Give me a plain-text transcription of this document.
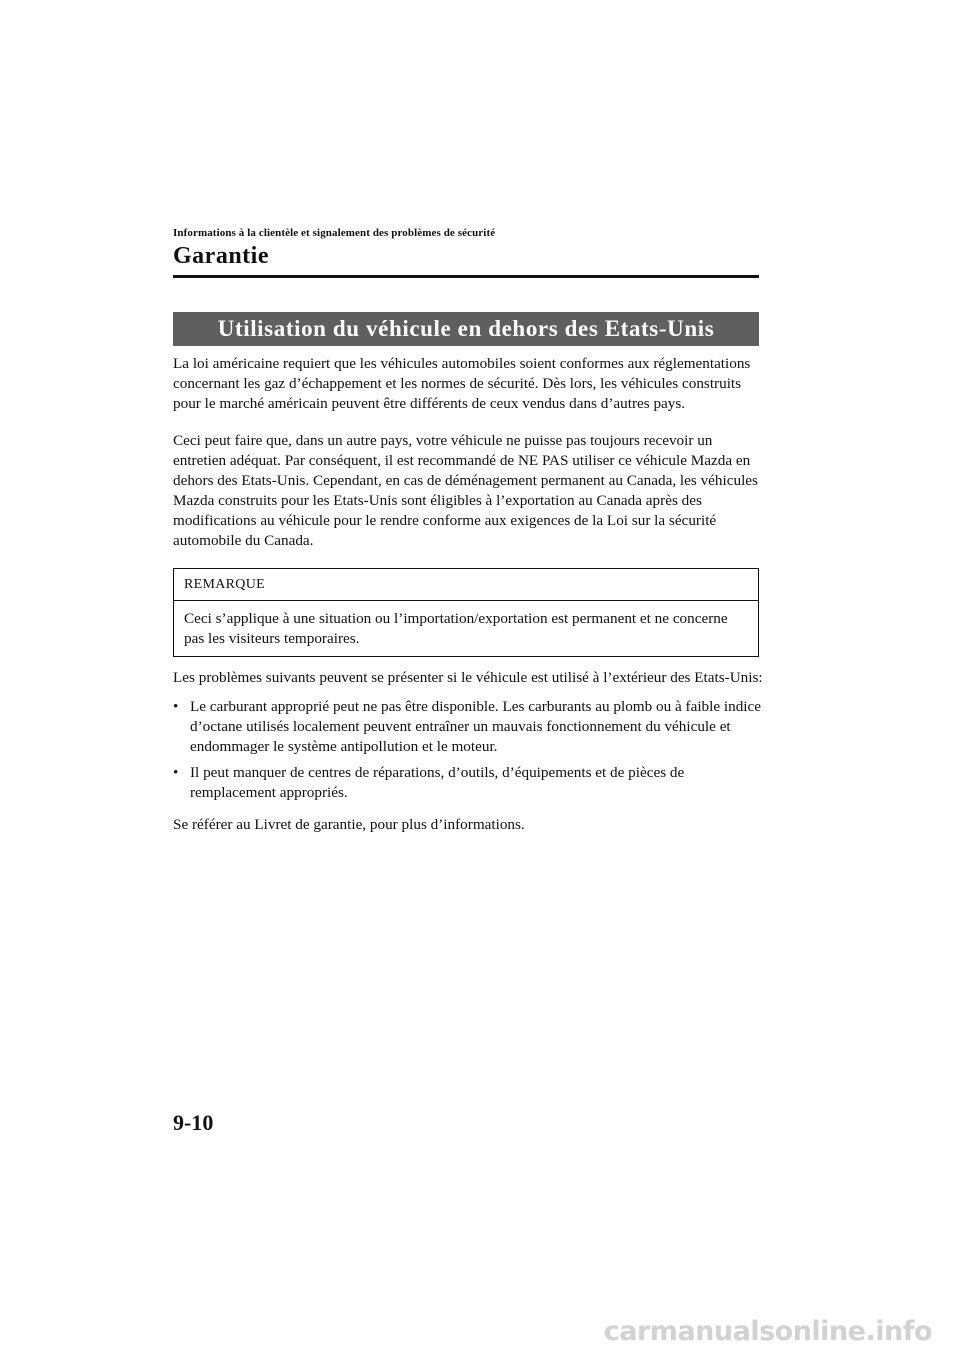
Informations à la clientèle et signalement des problèmes de sécurité
Garantie
Utilisation du véhicule en dehors des Etats-Unis

La loi américaine requiert que les véhicules automobiles soient conformes aux réglementations concernant les gaz d’échappement et les normes de sécurité. Dès lors, les véhicules construits pour le marché américain peuvent être différents de ceux vendus dans d’autres pays.

Ceci peut faire que, dans un autre pays, votre véhicule ne puisse pas toujours recevoir un entretien adéquat. Par conséquent, il est recommandé de NE PAS utiliser ce véhicule Mazda en dehors des Etats-Unis. Cependant, en cas de déménagement permanent au Canada, les véhicules Mazda construits pour les Etats-Unis sont éligibles à l’exportation au Canada après des modifications au véhicule pour le rendre conforme aux exigences de la Loi sur la sécurité automobile du Canada.

REMARQUE
Ceci s’applique à une situation ou l’importation/exportation est permanent et ne concerne pas les visiteurs temporaires.

Les problèmes suivants peuvent se présenter si le véhicule est utilisé à l’extérieur des Etats-Unis:

• Le carburant approprié peut ne pas être disponible. Les carburants au plomb ou à faible indice d’octane utilisés localement peuvent entraîner un mauvais fonctionnement du véhicule et endommager le système antipollution et le moteur.
• Il peut manquer de centres de réparations, d’outils, d’équipements et de pièces de remplacement appropriés.

Se référer au Livret de garantie, pour plus d’informations.

9-10
carmanualsonline.info
